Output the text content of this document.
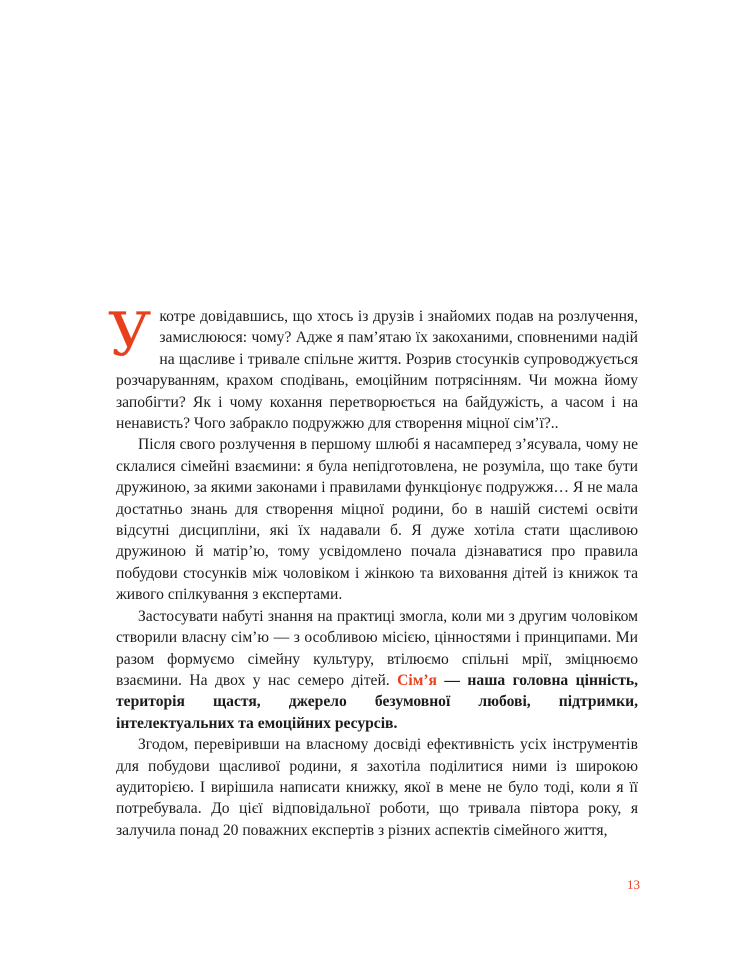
Укотре довідавшись, що хтось із друзів і знайомих подав на розлучення, замислююся: чому? Адже я пам’ятаю їх закоханими, сповненими надій на щасливе і тривале спільне життя. Розрив стосунків супроводжується розчаруванням, крахом сподівань, емоційним потрясінням. Чи можна йому запобігти? Як і чому кохання перетворюється на байдужість, а часом і на ненависть? Чого забракло подружжю для створення міцної сім’ї?..

Після свого розлучення в першому шлюбі я насамперед з’ясувала, чому не склалися сімейні взаємини: я була непідготовлена, не розуміла, що таке бути дружиною, за якими законами і правилами функціонує подружжя… Я не мала достатньо знань для створення міцної родини, бо в нашій системі освіти відсутні дисципліни, які їх надавали б. Я дуже хотіла стати щасливою дружиною й матір’ю, тому усвідомлено почала дізнаватися про правила побудови стосунків між чоловіком і жінкою та виховання дітей із книжок та живого спілкування з експертами.

Застосувати набуті знання на практиці змогла, коли ми з другим чоловіком створили власну сім’ю — з особливою місією, цінностями і принципами. Ми разом формуємо сімейну культуру, втілюємо спільні мрії, зміцнюємо взаємини. На двох у нас семеро дітей. Сім’я — наша головна цінність, територія щастя, джерело безумовної любові, підтримки, інтелектуальних та емоційних ресурсів.

Згодом, перевіривши на власному досвіді ефективність усіх інструментів для побудови щасливої родини, я захотіла поділитися ними із широкою аудиторією. І вирішила написати книжку, якої в мене не було тоді, коли я її потребувала. До цієї відповідальної роботи, що тривала півтора року, я залучила понад 20 поважних експертів з різних аспектів сімейного життя,

13
